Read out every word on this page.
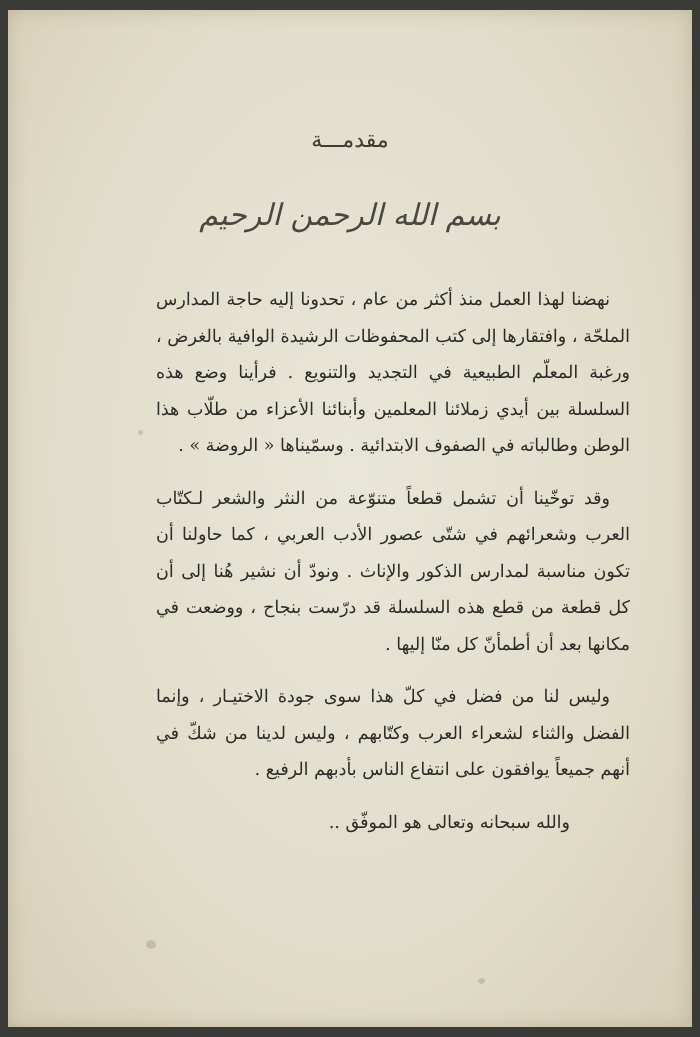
مقدمـــة
بسم الله الرحمن الرحيم

نهضنا لهذا العمل منذ أكثر من عام ، تحدونا إليه حاجة المدارس الملحّة ، وافتقارها إلى كتب المحفوظات الرشيدة الوافية بالغرض ، ورغبة المعلّم الطبيعية في التجديد والتنويع . فرأينا وضع هذه السلسلة بين أيدي زملائنا المعلمين وأبنائنا الأعزاء من طلّاب هذا الوطن وطالباته في الصفوف الابتدائية . وسمّيناها « الروضة » .

وقد توخّينا أن تشمل قطعاً متنوّعة من النثر والشعر لـكتّاب العرب وشعرائهم في شتّى عصور الأدب العربي ، كما حاولنا أن تكون مناسبة لمدارس الذكور والإناث . ونودّ أن نشير هُنا إلى أن كل قطعة من قطع هذه السلسلة قد درّست بنجاح ، ووضعت في مكانها بعد أن أطمأنّ كل منّا إليها .

وليس لنا من فضل في كلّ هذا سوى جودة الاختيـار ، وإنما الفضل والثناء لشعراء العرب وكتّابهم ، وليس لدينا من شكّ في أنهم جميعاً يوافقون على انتفاع الناس بأدبهم الرفيع .

والله سبحانه وتعالى هو الموفّق ..
